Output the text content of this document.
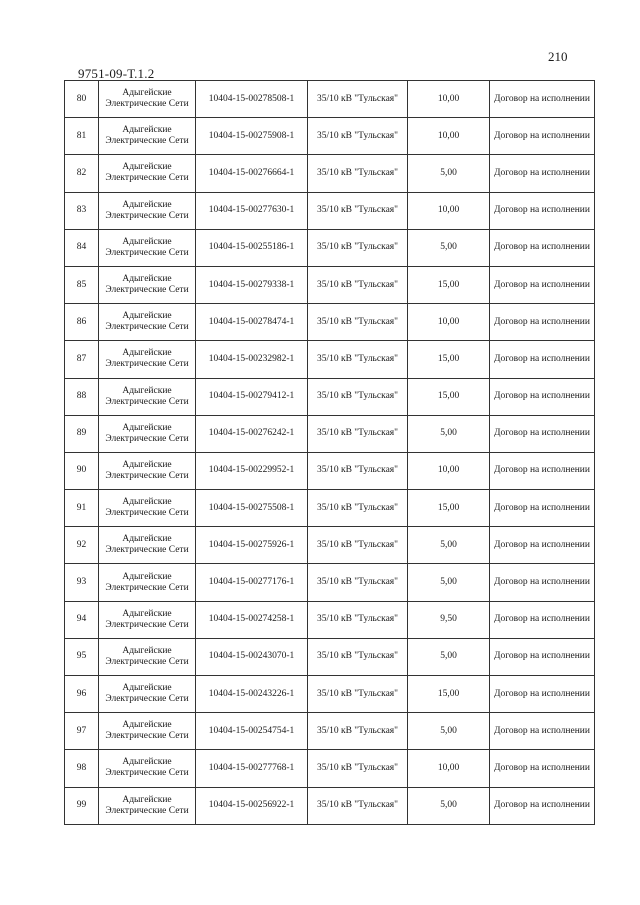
210
9751-09-Т.1.2
80	Адыгейские Электрические Сети	10404-15-00278508-1	35/10 кВ "Тульская"	10,00	Договор на исполнении
81	Адыгейские Электрические Сети	10404-15-00275908-1	35/10 кВ "Тульская"	10,00	Договор на исполнении
82	Адыгейские Электрические Сети	10404-15-00276664-1	35/10 кВ "Тульская"	5,00	Договор на исполнении
83	Адыгейские Электрические Сети	10404-15-00277630-1	35/10 кВ "Тульская"	10,00	Договор на исполнении
84	Адыгейские Электрические Сети	10404-15-00255186-1	35/10 кВ "Тульская"	5,00	Договор на исполнении
85	Адыгейские Электрические Сети	10404-15-00279338-1	35/10 кВ "Тульская"	15,00	Договор на исполнении
86	Адыгейские Электрические Сети	10404-15-00278474-1	35/10 кВ "Тульская"	10,00	Договор на исполнении
87	Адыгейские Электрические Сети	10404-15-00232982-1	35/10 кВ "Тульская"	15,00	Договор на исполнении
88	Адыгейские Электрические Сети	10404-15-00279412-1	35/10 кВ "Тульская"	15,00	Договор на исполнении
89	Адыгейские Электрические Сети	10404-15-00276242-1	35/10 кВ "Тульская"	5,00	Договор на исполнении
90	Адыгейские Электрические Сети	10404-15-00229952-1	35/10 кВ "Тульская"	10,00	Договор на исполнении
91	Адыгейские Электрические Сети	10404-15-00275508-1	35/10 кВ "Тульская"	15,00	Договор на исполнении
92	Адыгейские Электрические Сети	10404-15-00275926-1	35/10 кВ "Тульская"	5,00	Договор на исполнении
93	Адыгейские Электрические Сети	10404-15-00277176-1	35/10 кВ "Тульская"	5,00	Договор на исполнении
94	Адыгейские Электрические Сети	10404-15-00274258-1	35/10 кВ "Тульская"	9,50	Договор на исполнении
95	Адыгейские Электрические Сети	10404-15-00243070-1	35/10 кВ "Тульская"	5,00	Договор на исполнении
96	Адыгейские Электрические Сети	10404-15-00243226-1	35/10 кВ "Тульская"	15,00	Договор на исполнении
97	Адыгейские Электрические Сети	10404-15-00254754-1	35/10 кВ "Тульская"	5,00	Договор на исполнении
98	Адыгейские Электрические Сети	10404-15-00277768-1	35/10 кВ "Тульская"	10,00	Договор на исполнении
99	Адыгейские Электрические Сети	10404-15-00256922-1	35/10 кВ "Тульская"	5,00	Договор на исполнении
